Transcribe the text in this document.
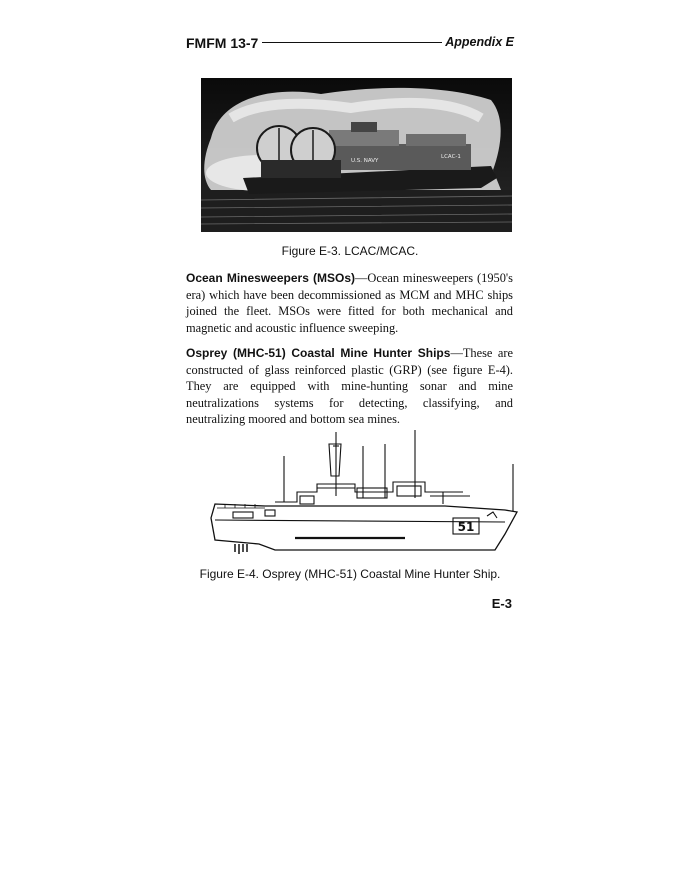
FMFM 13-7	Appendix E
U.S. NAVY
LCAC-1
Figure E-3. LCAC/MCAC.
Ocean Minesweepers (MSOs)—Ocean minesweepers (1950's era) which have been decommissioned as MCM and MHC ships joined the fleet. MSOs were fitted for both mechanical and magnetic and acoustic influence sweeping.
Osprey (MHC-51) Coastal Mine Hunter Ships—These are constructed of glass reinforced plastic (GRP) (see figure E-4). They are equipped with mine-hunting sonar and mine neutralizations systems for detecting, classifying, and neutralizing moored and bottom sea mines.
51
Figure E-4. Osprey (MHC-51) Coastal Mine Hunter Ship.
E-3
